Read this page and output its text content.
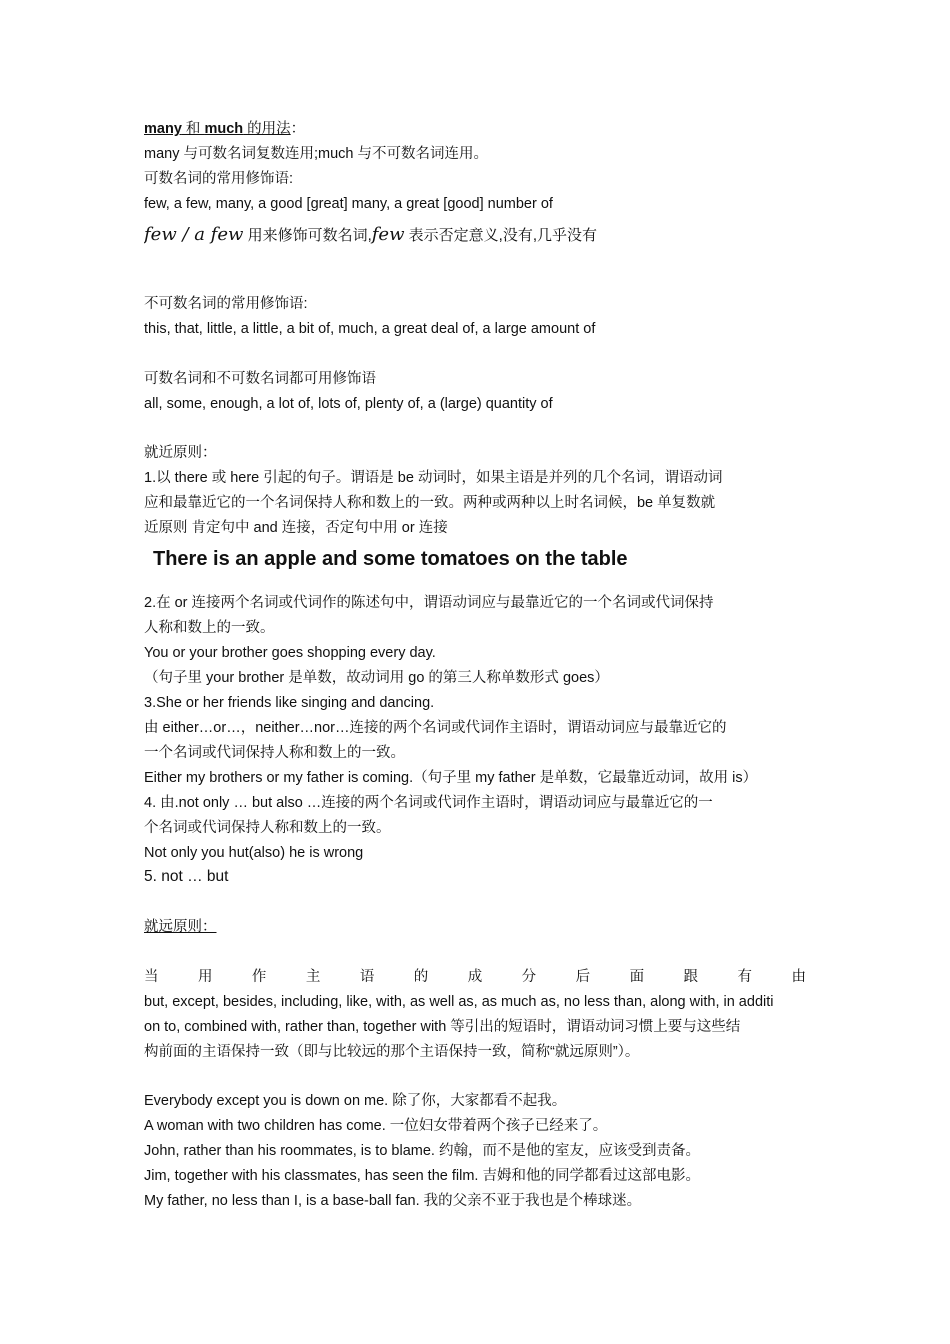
many 和 much 的用法：
many 与可数名词复数连用;much 与不可数名词连用。
可数名词的常用修饰语:
few, a few, many, a good [great] many, a great [good] number of
few / a few 用来修饰可数名词,few 表示否定意义,没有,几乎没有
不可数名词的常用修饰语:
this, that, little, a little, a bit of, much, a great deal of, a large amount of
可数名词和不可数名词都可用修饰语
all, some, enough, a lot of, lots of, plenty of, a (large) quantity of
就近原则：
1.以 there 或 here 引起的句子。谓语是 be 动词时，如果主语是并列的几个名词，谓语动词
应和最靠近它的一个名词保持人称和数上的一致。两种或两种以上时名词候，be 单复数就
近原则 肯定句中 and 连接，否定句中用 or 连接
There is an apple and some tomatoes on the table
2.在 or 连接两个名词或代词作的陈述句中，谓语动词应与最靠近它的一个名词或代词保持
人称和数上的一致。
You or your brother goes shopping every day.
（句子里 your brother 是单数，故动词用 go 的第三人称单数形式 goes）
3.She or her friends like singing and dancing.
由 either…or…，neither…nor…连接的两个名词或代词作主语时，谓语动词应与最靠近它的
一个名词或代词保持人称和数上的一致。
Either my brothers or my father is coming.（句子里 my father 是单数，它最靠近动词，故用 is）
4. 由.not only … but also …连接的两个名词或代词作主语时，谓语动词应与最靠近它的一
个名词或代词保持人称和数上的一致。
Not only you hut(also) he is wrong
5. not … but
就远原则：
当	用	作	主	语	的	成	分	后	面	跟	有	由
but, except, besides, including, like, with, as well as, as much as, no less than, along with, in additi
on to, combined with, rather than, together with 等引出的短语时，谓语动词习惯上要与这些结
构前面的主语保持一致（即与比较远的那个主语保持一致，简称“就远原则”）。
Everybody except you is down on me. 除了你，大家都看不起我。
A woman with two children has come. 一位妇女带着两个孩子已经来了。
John, rather than his roommates, is to blame. 约翰，而不是他的室友，应该受到责备。
Jim, together with his classmates, has seen the film. 吉姆和他的同学都看过这部电影。
My father, no less than I, is a base-ball fan. 我的父亲不亚于我也是个棒球迷。
